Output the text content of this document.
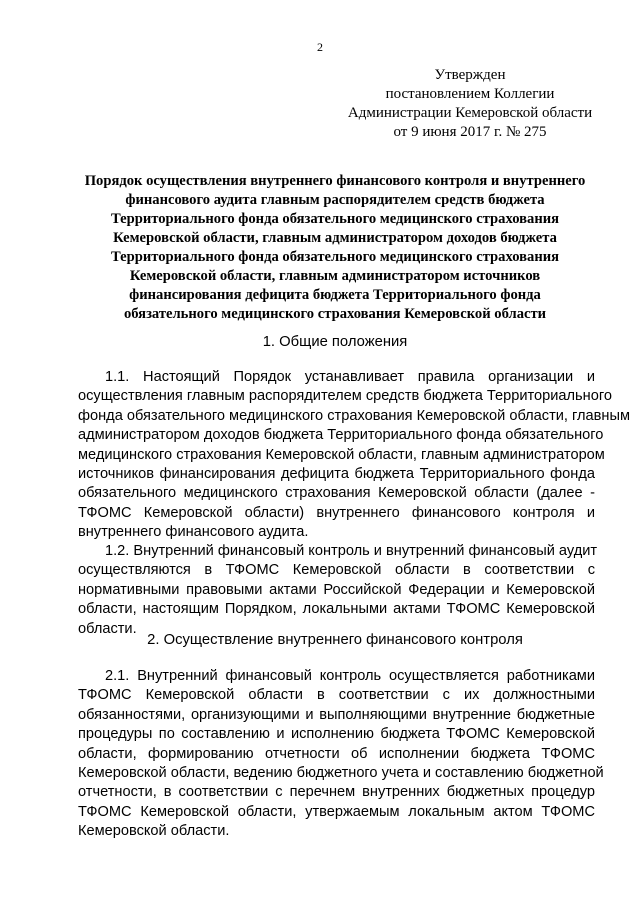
2
Утвержден
постановлением Коллегии
Администрации Кемеровской области
от 9 июня 2017 г. № 275
Порядок осуществления внутреннего финансового контроля и внутреннего
финансового аудита главным распорядителем средств бюджета
Территориального фонда обязательного медицинского страхования
Кемеровской области, главным администратором доходов бюджета
Территориального фонда обязательного медицинского страхования
Кемеровской области, главным администратором источников
финансирования дефицита бюджета Территориального фонда
обязательного медицинского страхования Кемеровской области
1. Общие положения
1.1. Настоящий Порядок устанавливает правила организации и
осуществления главным распорядителем средств бюджета Территориального
фонда обязательного медицинского страхования Кемеровской области, главным
администратором доходов бюджета Территориального фонда обязательного
медицинского страхования Кемеровской области, главным администратором
источников финансирования дефицита бюджета Территориального фонда
обязательного медицинского страхования Кемеровской области (далее -
ТФОМС Кемеровской области) внутреннего финансового контроля и
внутреннего финансового аудита.
1.2. Внутренний финансовый контроль и внутренний финансовый аудит
осуществляются в ТФОМС Кемеровской области в соответствии с
нормативными правовыми актами Российской Федерации и Кемеровской
области, настоящим Порядком, локальными актами ТФОМС Кемеровской
области.
2. Осуществление внутреннего финансового контроля
2.1. Внутренний финансовый контроль осуществляется работниками
ТФОМС Кемеровской области в соответствии с их должностными
обязанностями, организующими и выполняющими внутренние бюджетные
процедуры по составлению и исполнению бюджета ТФОМС Кемеровской
области, формированию отчетности об исполнении бюджета ТФОМС
Кемеровской области, ведению бюджетного учета и составлению бюджетной
отчетности, в соответствии с перечнем внутренних бюджетных процедур
ТФОМС Кемеровской области, утвержаемым локальным актом ТФОМС
Кемеровской области.
